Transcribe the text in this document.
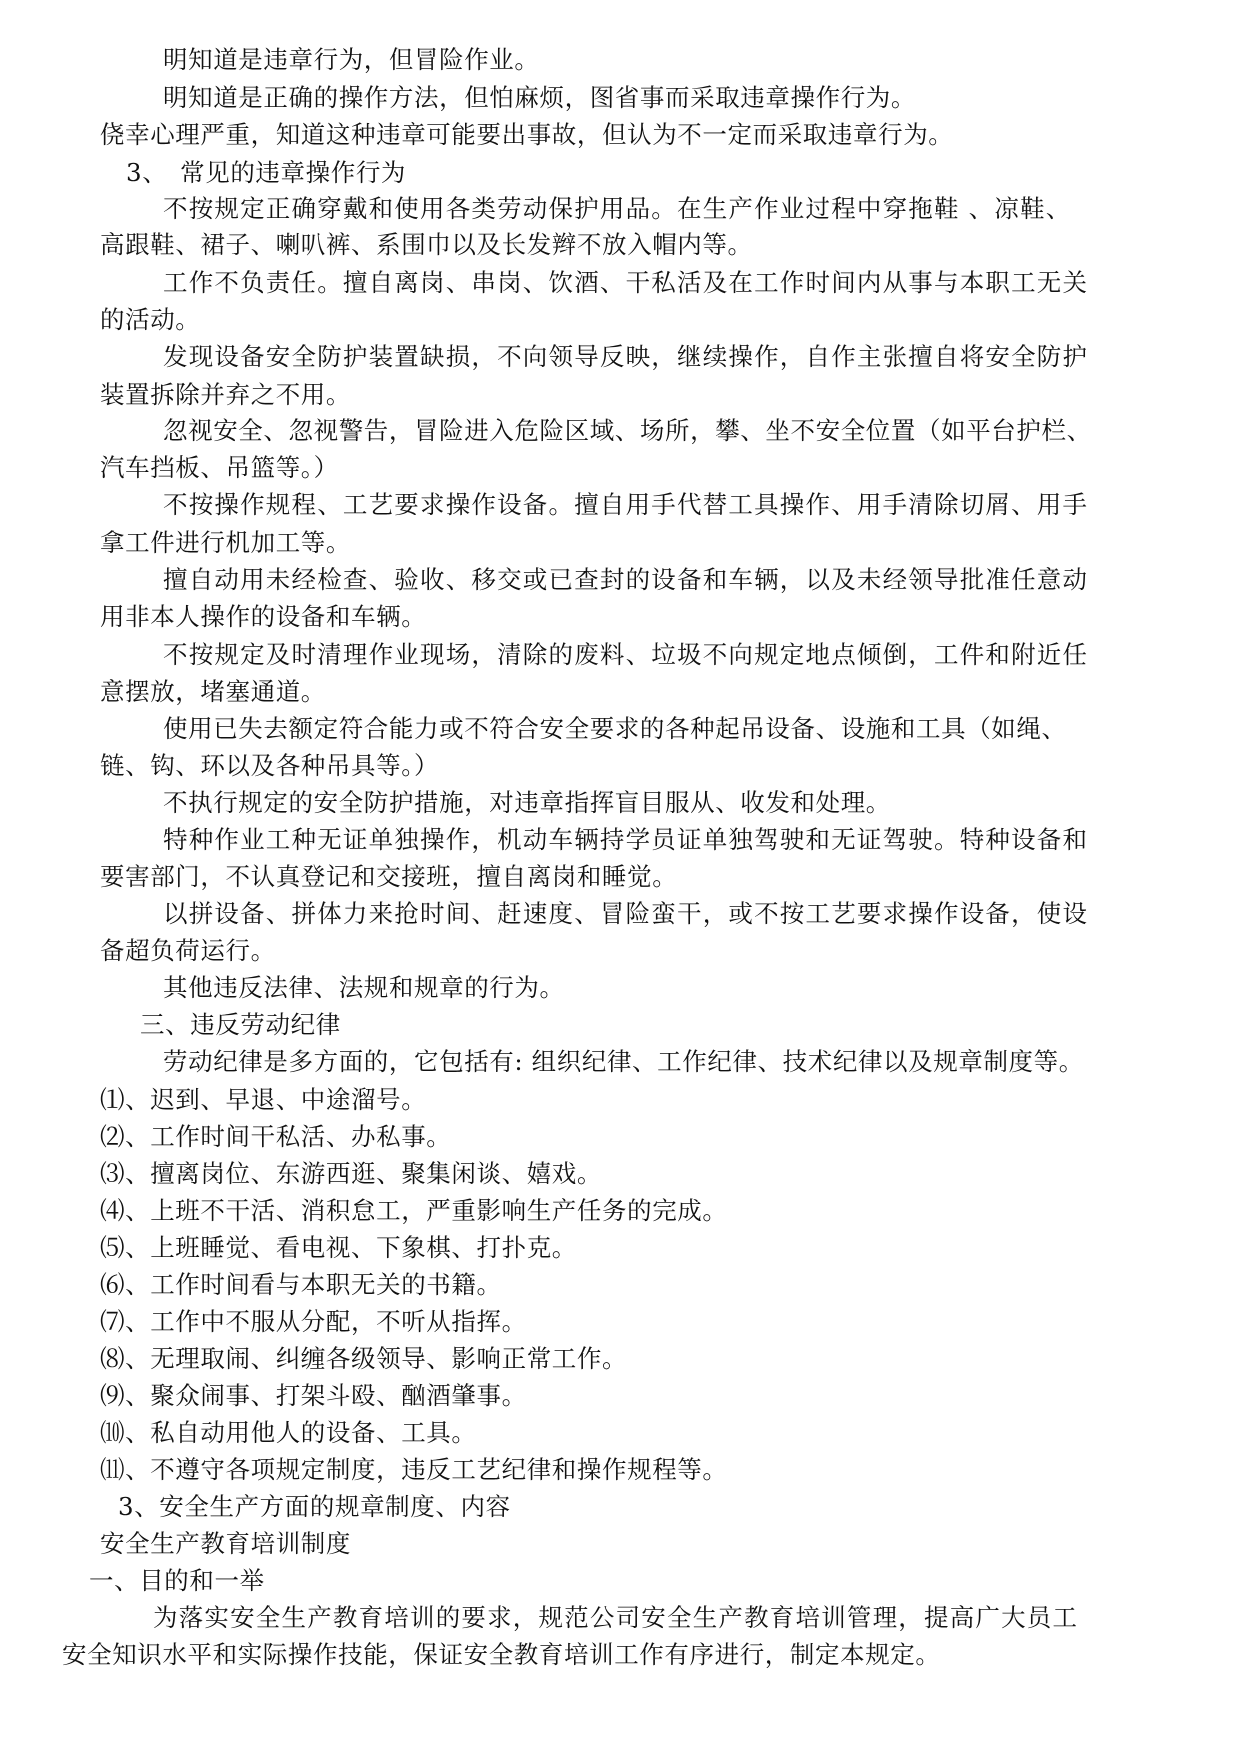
明知道是违章行为，但冒险作业。
明知道是正确的操作方法，但怕麻烦，图省事而采取违章操作行为。
侥幸心理严重，知道这种违章可能要出事故，但认为不一定而采取违章行为。
3、　常见的违章操作行为
不按规定正确穿戴和使用各类劳动保护用品。在生产作业过程中穿拖鞋 、凉鞋、
高跟鞋、裙子、喇叭裤、系围巾以及长发辫不放入帽内等。
工作不负责任。擅自离岗、串岗、饮酒、干私活及在工作时间内从事与本职工无关
的活动。
发现设备安全防护装置缺损，不向领导反映，继续操作，自作主张擅自将安全防护
装置拆除并弃之不用。
忽视安全、忽视警告，冒险进入危险区域、场所，攀、坐不安全位置（如平台护栏、
汽车挡板、吊篮等。）
不按操作规程、工艺要求操作设备。擅自用手代替工具操作、用手清除切屑、用手
拿工件进行机加工等。
擅自动用未经检查、验收、移交或已查封的设备和车辆，以及未经领导批准任意动
用非本人操作的设备和车辆。
不按规定及时清理作业现场，清除的废料、垃圾不向规定地点倾倒，工件和附近任
意摆放，堵塞通道。
使用已失去额定符合能力或不符合安全要求的各种起吊设备、设施和工具（如绳、
链、钩、环以及各种吊具等。）
不执行规定的安全防护措施，对违章指挥盲目服从、收发和处理。
特种作业工种无证单独操作，机动车辆持学员证单独驾驶和无证驾驶。特种设备和
要害部门，不认真登记和交接班，擅自离岗和睡觉。
以拼设备、拼体力来抢时间、赶速度、冒险蛮干，或不按工艺要求操作设备，使设
备超负荷运行。
其他违反法律、法规和规章的行为。
三、违反劳动纪律
劳动纪律是多方面的，它包括有: 组织纪律、工作纪律、技术纪律以及规章制度等。
⑴、迟到、早退、中途溜号。
⑵、工作时间干私活、办私事。
⑶、擅离岗位、东游西逛、聚集闲谈、嬉戏。
⑷、上班不干活、消积怠工，严重影响生产任务的完成。
⑸、上班睡觉、看电视、下象棋、打扑克。
⑹、工作时间看与本职无关的书籍。
⑺、工作中不服从分配，不听从指挥。
⑻、无理取闹、纠缠各级领导、影响正常工作。
⑼、聚众闹事、打架斗殴、酗酒肇事。
⑽、私自动用他人的设备、工具。
⑾、不遵守各项规定制度，违反工艺纪律和操作规程等。
3、安全生产方面的规章制度、内容
安全生产教育培训制度
一、目的和一举
为落实安全生产教育培训的要求，规范公司安全生产教育培训管理，提高广大员工
安全知识水平和实际操作技能，保证安全教育培训工作有序进行，制定本规定。
